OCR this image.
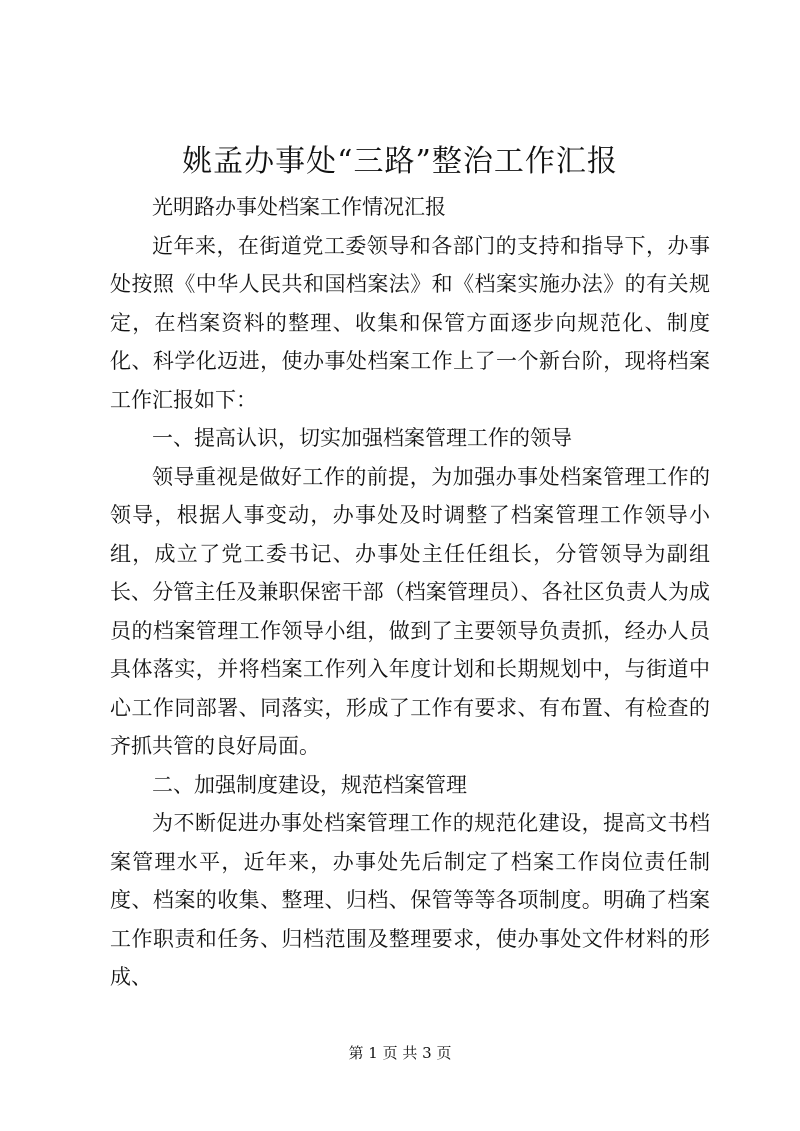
姚孟办事处“三路”整治工作汇报

光明路办事处档案工作情况汇报

近年来，在街道党工委领导和各部门的支持和指导下，办事处按照《中华人民共和国档案法》和《档案实施办法》的有关规定，在档案资料的整理、收集和保管方面逐步向规范化、制度化、科学化迈进，使办事处档案工作上了一个新台阶，现将档案工作汇报如下：

一、提高认识，切实加强档案管理工作的领导

领导重视是做好工作的前提，为加强办事处档案管理工作的领导，根据人事变动，办事处及时调整了档案管理工作领导小组，成立了党工委书记、办事处主任任组长，分管领导为副组长、分管主任及兼职保密干部（档案管理员）、各社区负责人为成员的档案管理工作领导小组，做到了主要领导负责抓，经办人员具体落实，并将档案工作列入年度计划和长期规划中，与街道中心工作同部署、同落实，形成了工作有要求、有布置、有检查的齐抓共管的良好局面。

二、加强制度建设，规范档案管理

为不断促进办事处档案管理工作的规范化建设，提高文书档案管理水平，近年来，办事处先后制定了档案工作岗位责任制度、档案的收集、整理、归档、保管等等各项制度。明确了档案工作职责和任务、归档范围及整理要求，使办事处文件材料的形成、

第 1 页 共 3 页
